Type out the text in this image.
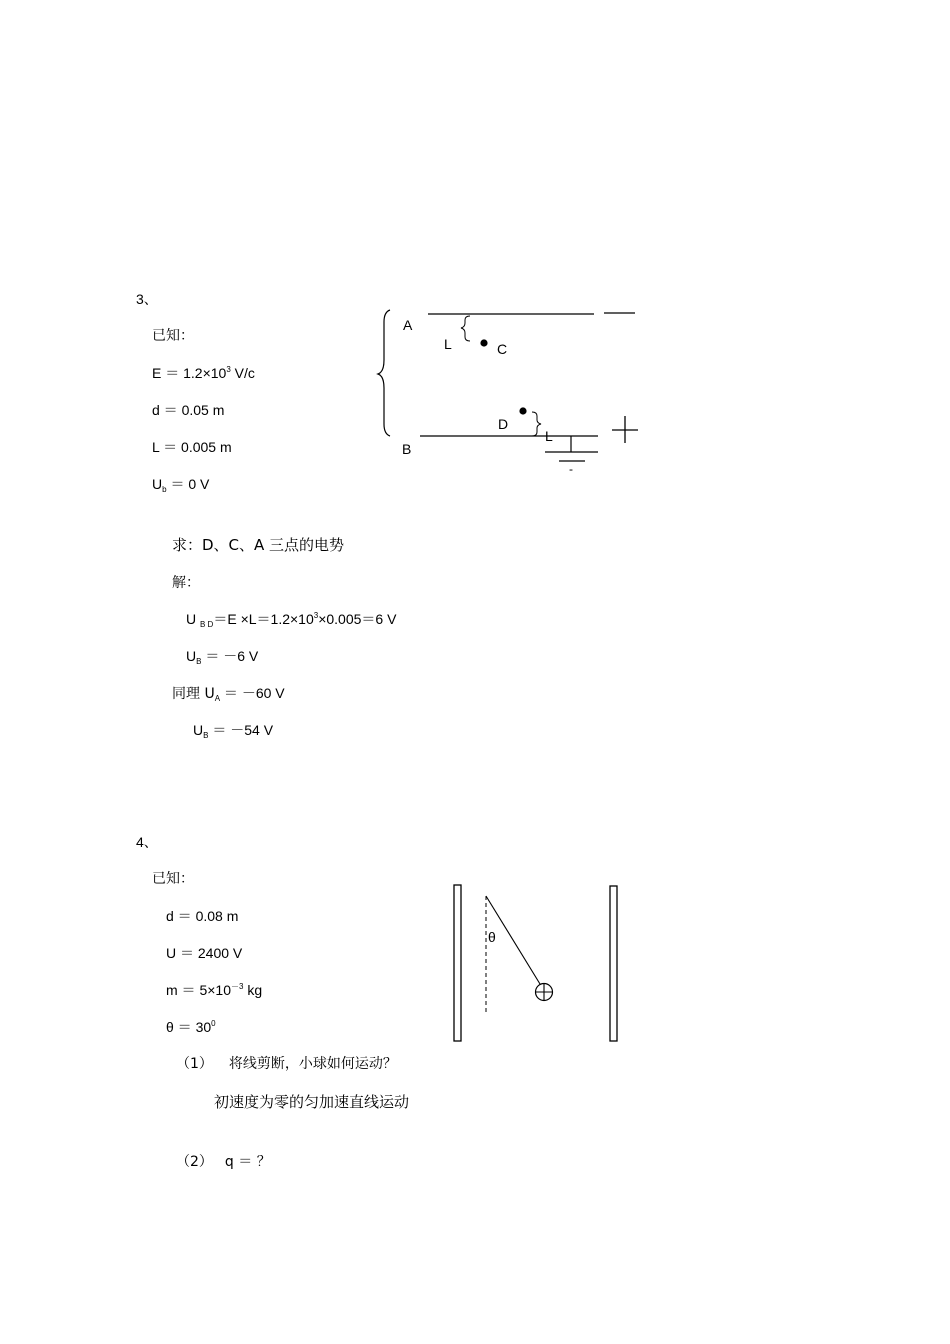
3、
已知：
$E = 1.2\times 10^3$ V/c
d ＝ 0.05 m
L ＝ 0.005 m
$U_b = 0$ V
求：D、C、A 三点的电势
解：
U $_{B D}=E \times L=1.2\times 10^3\times 0.005=6$ V
$U_B = -6$ V
同理 $U_A = -60$ V
$U_B = -54$ V
A
L	C
D
L
B
-
4、
已知：
d ＝ 0.08 m
U ＝ 2400 V
$m = 5\times 10^{-3}$ kg
$\theta = 30^0$
（1） 将线剪断，小球如何运动？
初速度为零的匀加速直线运动
（2） q ＝ ？
θ
